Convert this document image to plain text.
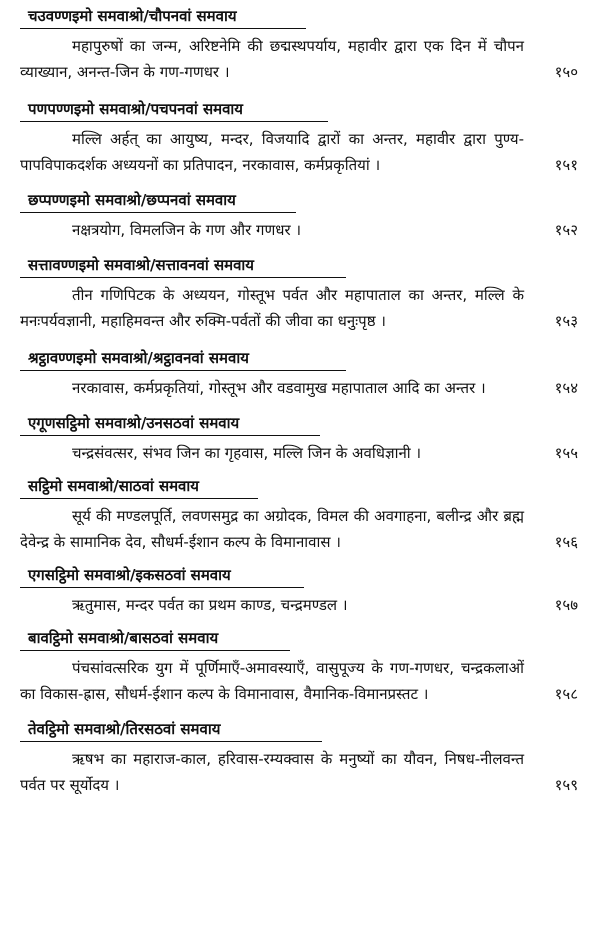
चउवण्णइमो समवाश्रो/चौपनवां समवाय

महापुरुषों का जन्म, अरिष्टनेमि की छद्मस्थपर्याय, महावीर द्वारा एक दिन में चौपन व्याख्यान, अनन्त-जिन के गण-गणधर ।	१५०
पणपण्णइमो समवाश्रो/पचपनवां समवाय

मल्लि अर्हत् का आयुष्य, मन्दर, विजयादि द्वारों का अन्तर, महावीर द्वारा पुण्य-पापविपाकदर्शक अध्ययनों का प्रतिपादन, नरकावास, कर्मप्रकृतियां ।	१५१
छप्पण्णइमो समवाश्रो/छप्पनवां समवाय

नक्षत्रयोग, विमलजिन के गण और गणधर ।	१५२
सत्तावण्णइमो समवाश्रो/सत्तावनवां समवाय

तीन गणिपिटक के अध्ययन, गोस्तूभ पर्वत और महापाताल का अन्तर, मल्लि के मनःपर्यवज्ञानी, महाहिमवन्त और रुक्मि-पर्वतों की जीवा का धनुःपृष्ठ ।	१५३
श्रट्ठावण्णइमो समवाश्रो/श्रट्ठावनवां समवाय

नरकावास, कर्मप्रकृतियां, गोस्तूभ और वडवामुख महापाताल आदि का अन्तर ।	१५४
एगूणसट्ठिमो समवाश्रो/उनसठवां समवाय

चन्द्रसंवत्सर, संभव जिन का गृहवास, मल्लि जिन के अवधिज्ञानी ।	१५५
सट्ठिमो समवाश्रो/साठवां समवाय

सूर्य की मण्डलपूर्ति, लवणसमुद्र का अग्रोदक, विमल की अवगाहना, बलीन्द्र और ब्रह्म देवेन्द्र के सामानिक देव, सौधर्म-ईशान कल्प के विमानावास ।	१५६
एगसट्ठिमो समवाश्रो/इकसठवां समवाय

ऋतुमास, मन्दर पर्वत का प्रथम काण्ड, चन्द्रमण्डल ।	१५७
बावट्ठिमो समवाश्रो/बासठवां समवाय

पंचसांवत्सरिक युग में पूर्णिमाएँ-अमावस्याएँ, वासुपूज्य के गण-गणधर, चन्द्रकलाओं का विकास-ह्रास, सौधर्म-ईशान कल्प के विमानावास, वैमानिक-विमानप्रस्तट ।	१५८
तेवट्ठिमो समवाश्रो/तिरसठवां समवाय

ऋषभ का महाराज-काल, हरिवास-रम्यक्वास के मनुष्यों का यौवन, निषध-नीलवन्त पर्वत पर सूर्योदय ।	१५९
